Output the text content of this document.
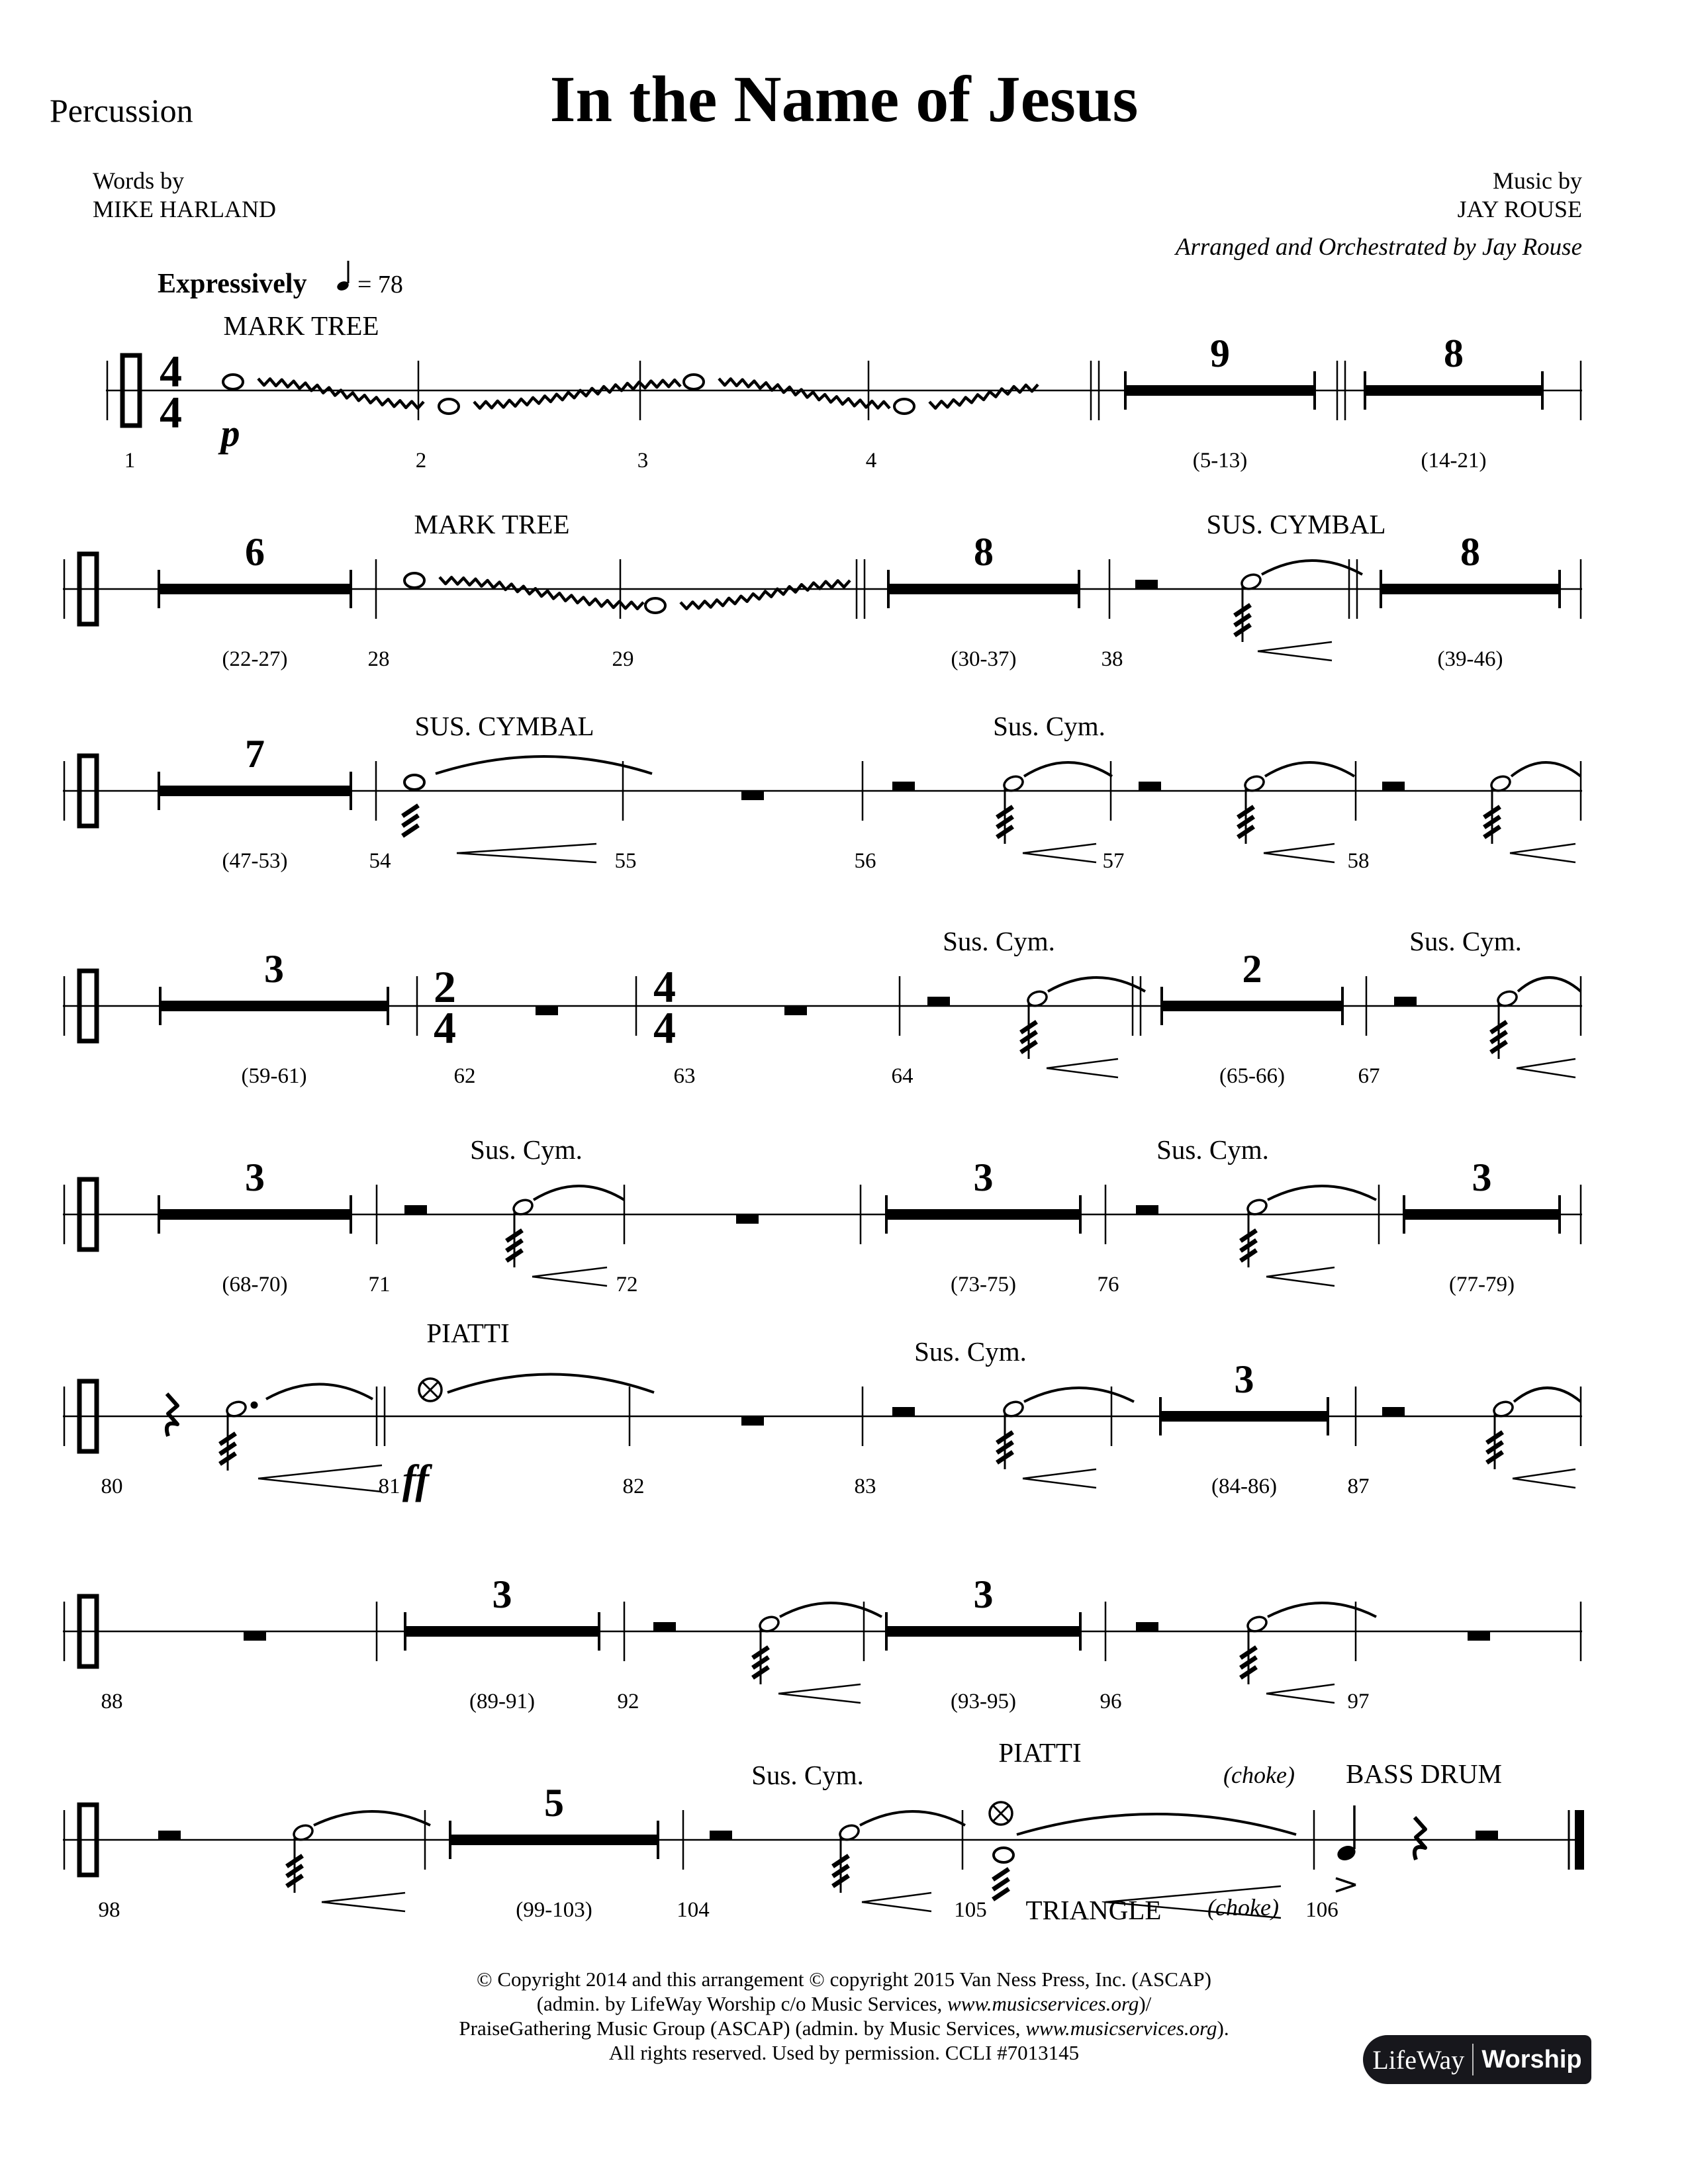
Percussion	In the Name of Jesus
Words by
MIKE HARLAND
Music by
JAY ROUSE
Arranged and Orchestrated by Jay Rouse
Expressively = 78
4
4
MARK TREE
1
p
2	3	4
9
(5-13)
8
(14-21)
6
(22-27)	28
MARK TREE
29
8
(30-37)	38
SUS. CYMBAL
8
(39-46)
7
(47-53)	54
SUS. CYMBAL
55	56
Sus. Cym.
57	58
3
(59-61)
2
4
62
4
4
63	64
Sus. Cym.
2
(65-66)	67
Sus. Cym.
3
(68-70)	71
Sus. Cym.
72
3
(73-75)	76
Sus. Cym.
3
(77-79)
80	81 ff
PIATTI
82	83
Sus. Cym.
3
(84-86)	87
88
3
(89-91)	92
3
(93-95)	96	97
98
5
(99-103)	104
Sus. Cym.
105
PIATTI
TRIANGLE
(choke)
(choke) 106
BASS DRUM
© Copyright 2014 and this arrangement © copyright 2015 Van Ness Press, Inc. (ASCAP)
(admin. by LifeWay Worship c/o Music Services, www.musicservices.org)/
PraiseGathering Music Group (ASCAP) (admin. by Music Services, www.musicservices.org).
All rights reserved. Used by permission. CCLI #7013145	LifeWay Worship
